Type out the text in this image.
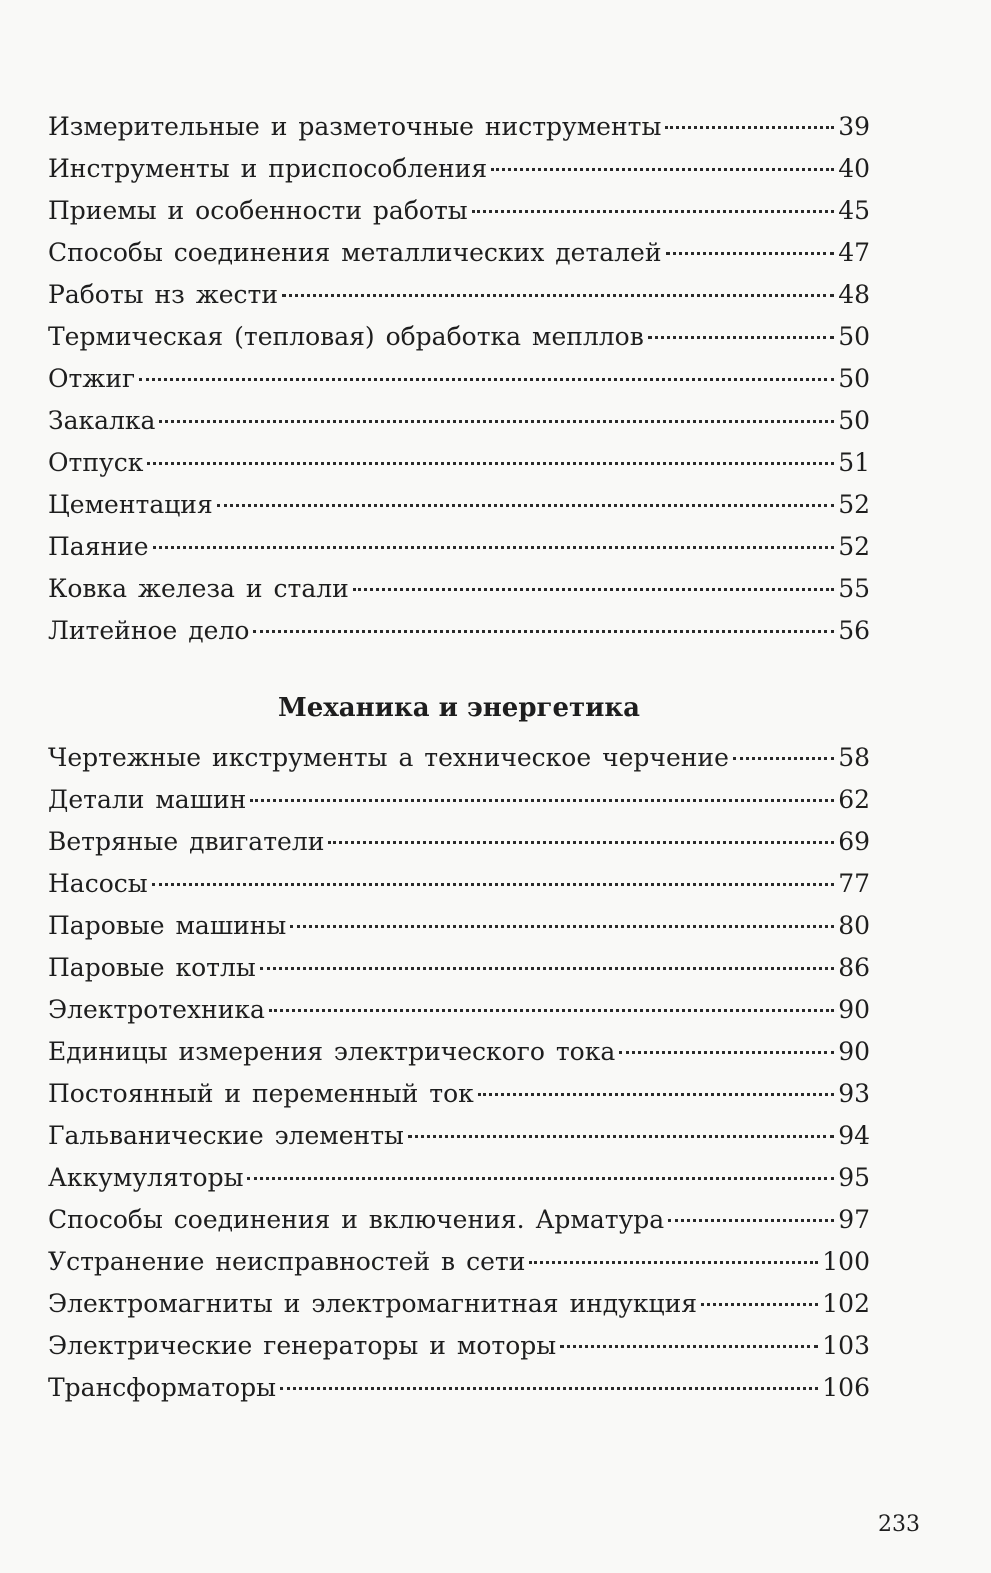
Измерительные и разметочные ниструменты	39
Инструменты и приспособления	40
Приемы и особенности работы	45
Способы соединения металлических деталей	47
Работы нз жести	48
Термическая (тепловая) обработка мепллов	50
Отжиг	50
Закалка	50
Отпуск	51
Цементация	52
Паяние	52
Ковка железа и стали	55
Литейное дело	56
Механика и энергетика
Чертежные икструменты а техническое черчение	58
Детали машин	62
Ветряные двигатели	69
Насосы	77
Паровые машины	80
Паровые котлы	86
Электротехника	90
Единицы измерения электрического тока	90
Постоянный и переменный ток	93
Гальванические элементы	94
Аккумуляторы	95
Способы соединения и включения. Арматура	97
Устранение неисправностей в сети	100
Электромагниты и электромагнитная индукция	102
Электрические генераторы и моторы	103
Трансформаторы	106
233
